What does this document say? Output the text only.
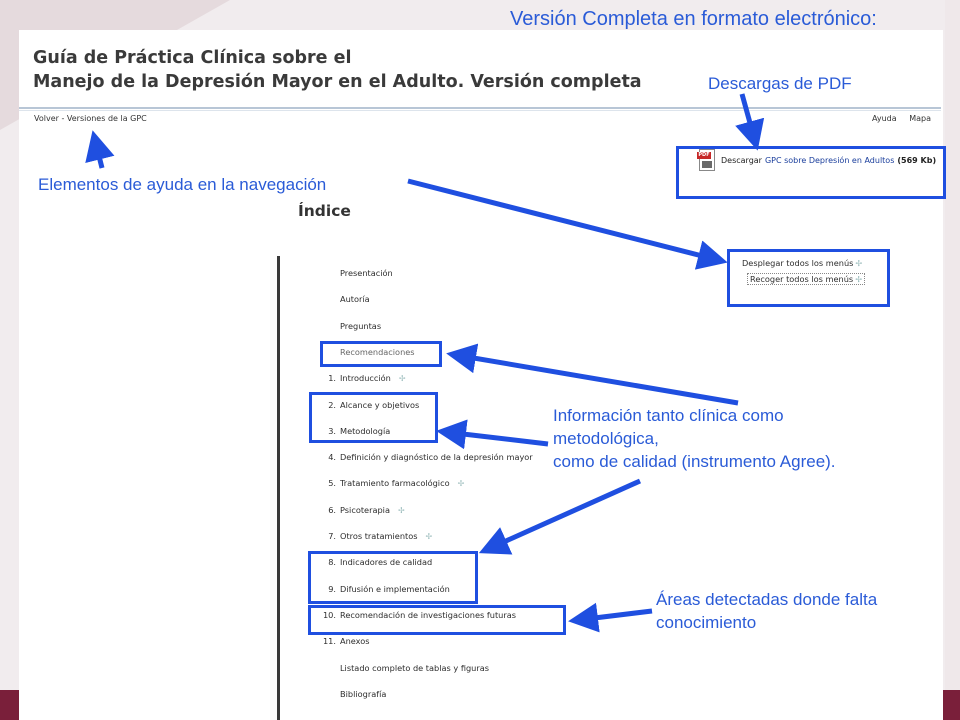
Versión Completa en formato electrónico:
Guía de Práctica Clínica sobre el
Manejo de la Depresión Mayor en el Adulto. Versión completa
Volver - Versiones de la GPC	Ayuda Mapa
PDF
Descargar GPC sobre Depresión en Adultos (569 Kb)
Índice
Presentación
Autoría
Preguntas
Recomendaciones
1. Introducción ✢
2. Alcance y objetivos
3. Metodología
4. Definición y diagnóstico de la depresión mayor
5. Tratamiento farmacológico ✢
6. Psicoterapia ✢
7. Otros tratamientos ✢
8. Indicadores de calidad
9. Difusión e implementación
10. Recomendación de investigaciones futuras
11. Anexos
Listado completo de tablas y figuras
Bibliografía
Desplegar todos los menús ✢
Recoger todos los menús ✢
Descargas de PDF
Elementos de ayuda en la navegación
Información tanto clínica como
metodológica,
como de calidad (instrumento Agree).
Áreas detectadas donde falta
conocimiento
